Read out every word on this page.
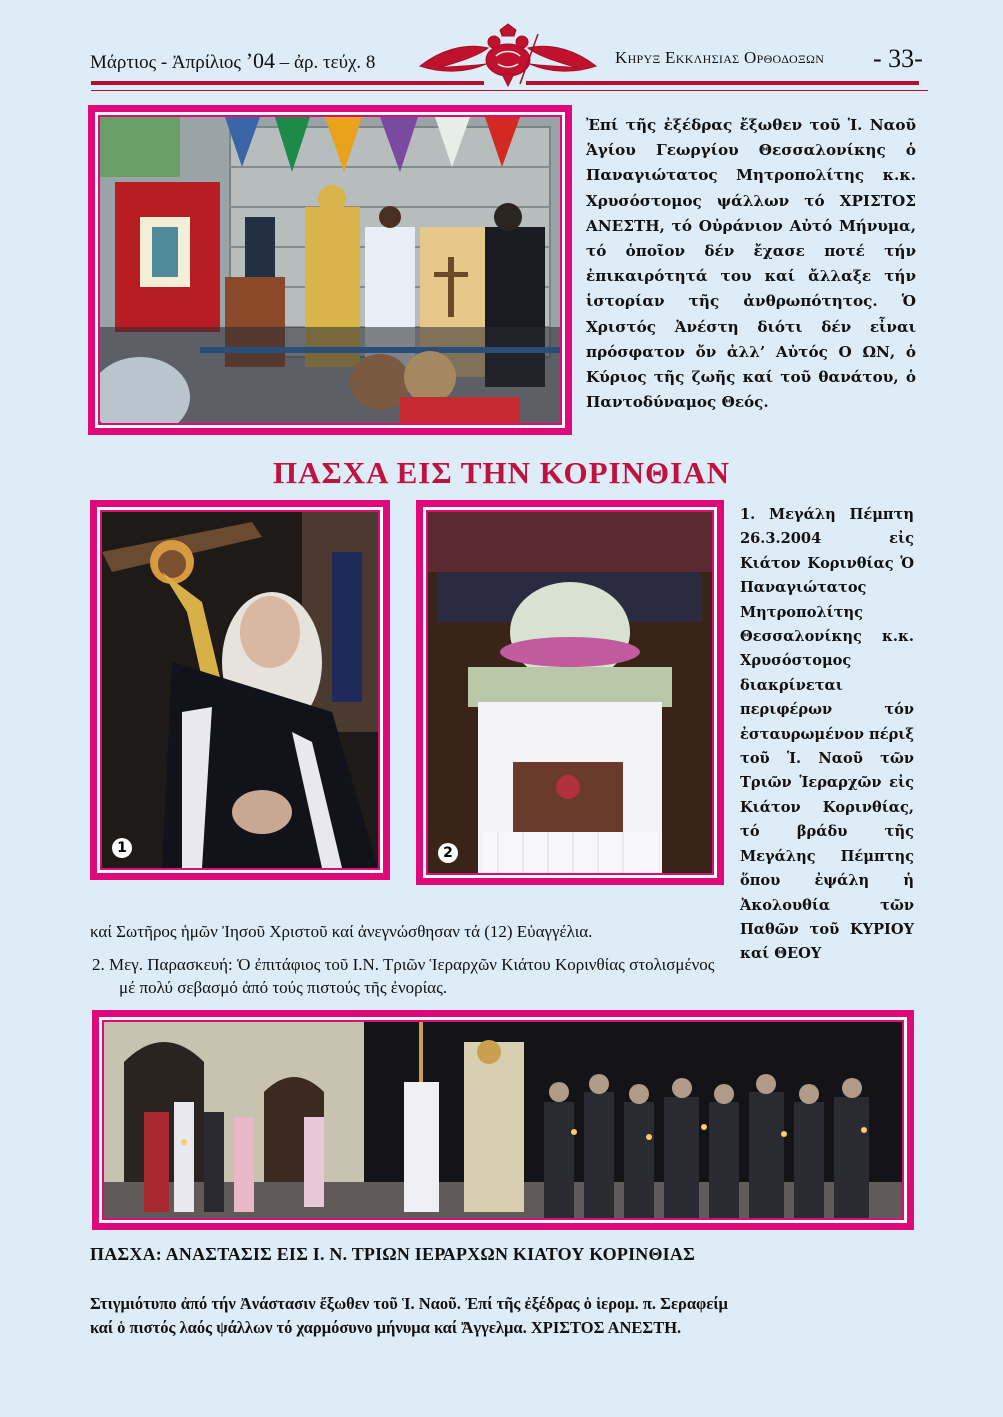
Μάρτιος - Ἀπρίλιος ’04 – ἀρ. τεύχ. 8	Κηρυξ Εκκλησιας Ορθοδοξων - 33-
Ἐπί τῆς ἐξέδρας ἔξωθεν τοῦ Ἱ. Ναοῦ Ἁγίου Γεωργίου Θεσσαλονίκης ὁ Παναγιώτατος Μητροπολίτης κ.κ. Χρυσόστομος ψάλλων τό ΧΡΙΣΤΟΣ ΑΝΕΣΤΗ, τό Οὐράνιον Αὐτό Μήνυμα, τό ὁποῖον δέν ἔχασε ποτέ τήν ἐπικαιρότητά του καί ἄλλαξε τήν ἱστορίαν τῆς ἀνθρωπότητος. Ὁ Χριστός Ἀνέστη διότι δέν εἶναι πρόσφατον ὄν ἀλλ’ Αὐτός Ο ΩΝ, ὁ Κύριος τῆς ζωῆς καί τοῦ θανάτου, ὁ Παντοδύναμος Θεός.
ΠΑΣΧΑ ΕΙΣ ΤΗΝ ΚΟΡΙΝΘΙΑΝ
1	2
1. Μεγάλη Πέμπτη 26.3.2004 εἰς Κιάτον Κορινθίας Ὁ Παναγιώτατος Μητροπολίτης Θεσσαλονίκης κ.κ. Χρυσόστομος διακρίνεται περιφέρων τόν ἐσταυρωμένον πέριξ τοῦ Ἱ. Ναοῦ τῶν Τριῶν Ἱεραρχῶν εἰς Κιάτον Κορινθίας, τό βράδυ τῆς Μεγάλης Πέμπτης ὅπου ἐψάλη ἡ Ἀκολουθία τῶν Παθῶν τοῦ ΚΥΡΙΟΥ καί ΘΕΟΥ
καί Σωτῆρος ἡμῶν Ἰησοῦ Χριστοῦ καί ἀνεγνώσθησαν τά (12) Εὐαγγέλια.
2. Μεγ. Παρασκευή: Ὁ ἐπιτάφιος τοῦ Ι.Ν. Τριῶν Ἱεραρχῶν Κιάτου Κορινθίας στολισμένος
μέ πολύ σεβασμό ἀπό τούς πιστούς τῆς ἐνορίας.
ΠΑΣΧΑ: ΑΝΑΣΤΑΣΙΣ ΕΙΣ Ι. Ν. ΤΡΙΩΝ ΙΕΡΑΡΧΩΝ ΚΙΑΤΟΥ ΚΟΡΙΝΘΙΑΣ
Στιγμιότυπο ἀπό τήν Ἀνάστασιν ἔξωθεν τοῦ Ἱ. Ναοῦ. Ἐπί τῆς ἐξέδρας ὁ ἱερομ. π. Σεραφείμ
καί ὁ πιστός λαός ψάλλων τό χαρμόσυνο μήνυμα καί Ἄγγελμα. ΧΡΙΣΤΟΣ ΑΝΕΣΤΗ.
